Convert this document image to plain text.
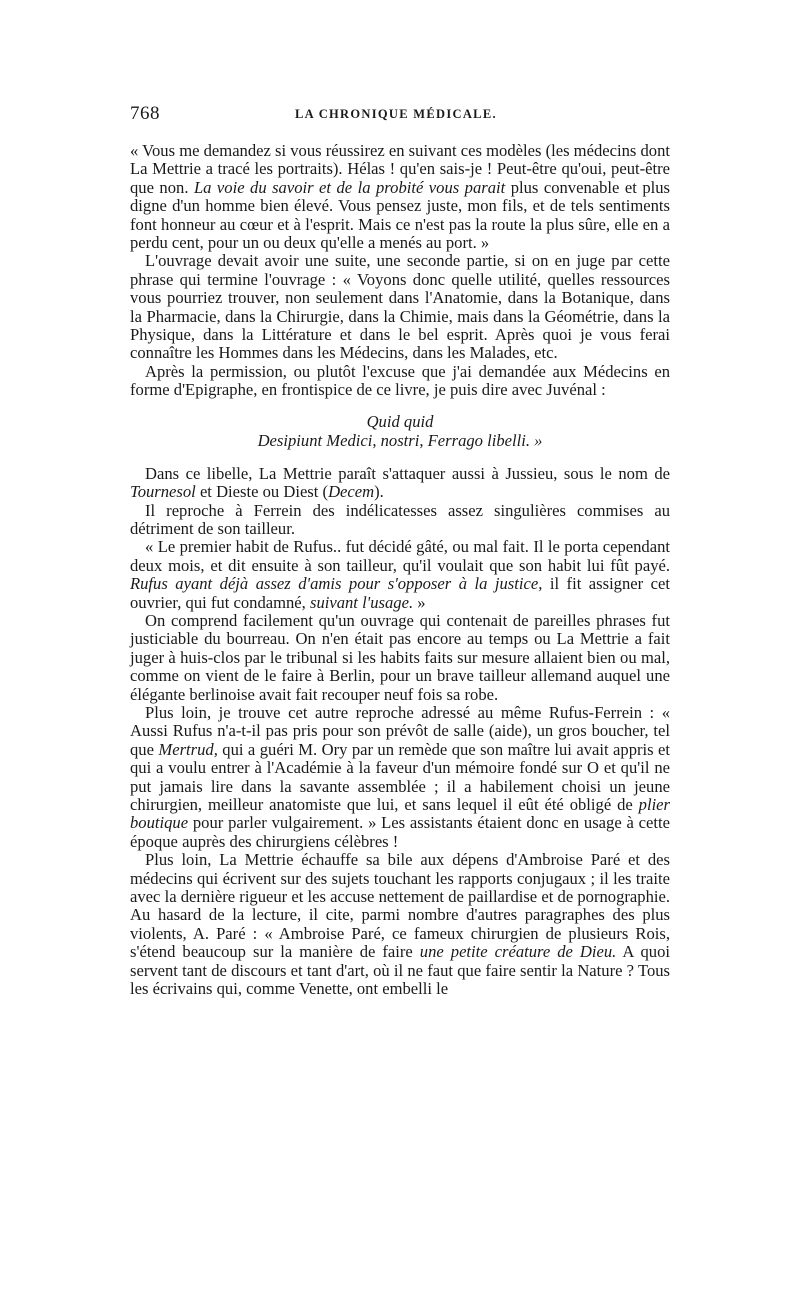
768	LA CHRONIQUE MÉDICALE.

« Vous me demandez si vous réussirez en suivant ces modèles (les médecins dont La Mettrie a tracé les portraits). Hélas ! qu'en sais-je ! Peut-être qu'oui, peut-être que non. La voie du savoir et de la probité vous parait plus convenable et plus digne d'un homme bien élevé. Vous pensez juste, mon fils, et de tels sentiments font honneur au cœur et à l'esprit. Mais ce n'est pas la route la plus sûre, elle en a perdu cent, pour un ou deux qu'elle a menés au port. »

L'ouvrage devait avoir une suite, une seconde partie, si on en juge par cette phrase qui termine l'ouvrage : « Voyons donc quelle utilité, quelles ressources vous pourriez trouver, non seulement dans l'Anatomie, dans la Botanique, dans la Pharmacie, dans la Chirurgie, dans la Chimie, mais dans la Géométrie, dans la Physique, dans la Littérature et dans le bel esprit. Après quoi je vous ferai connaître les Hommes dans les Médecins, dans les Malades, etc.

Après la permission, ou plutôt l'excuse que j'ai demandée aux Médecins en forme d'Epigraphe, en frontispice de ce livre, je puis dire avec Juvénal :

Quid quid
Desipiunt Medici, nostri, Ferrago libelli. »

Dans ce libelle, La Mettrie paraît s'attaquer aussi à Jussieu, sous le nom de Tournesol et Dieste ou Diest (Decem).

Il reproche à Ferrein des indélicatesses assez singulières commises au détriment de son tailleur.

« Le premier habit de Rufus.. fut décidé gâté, ou mal fait. Il le porta cependant deux mois, et dit ensuite à son tailleur, qu'il voulait que son habit lui fût payé. Rufus ayant déjà assez d'amis pour s'opposer à la justice, il fit assigner cet ouvrier, qui fut condamné, suivant l'usage. »

On comprend facilement qu'un ouvrage qui contenait de pareilles phrases fut justiciable du bourreau. On n'en était pas encore au temps ou La Mettrie a fait juger à huis-clos par le tribunal si les habits faits sur mesure allaient bien ou mal, comme on vient de le faire à Berlin, pour un brave tailleur allemand auquel une élégante berlinoise avait fait recouper neuf fois sa robe.

Plus loin, je trouve cet autre reproche adressé au même Rufus-Ferrein : « Aussi Rufus n'a-t-il pas pris pour son prévôt de salle (aide), un gros boucher, tel que Mertrud, qui a guéri M. Ory par un remède que son maître lui avait appris et qui a voulu entrer à l'Académie à la faveur d'un mémoire fondé sur O et qu'il ne put jamais lire dans la savante assemblée ; il a habilement choisi un jeune chirurgien, meilleur anatomiste que lui, et sans lequel il eût été obligé de plier boutique pour parler vulgairement. » Les assistants étaient donc en usage à cette époque auprès des chirurgiens célèbres !

Plus loin, La Mettrie échauffe sa bile aux dépens d'Ambroise Paré et des médecins qui écrivent sur des sujets touchant les rapports conjugaux ; il les traite avec la dernière rigueur et les accuse nettement de paillardise et de pornographie. Au hasard de la lecture, il cite, parmi nombre d'autres paragraphes des plus violents, A. Paré : « Ambroise Paré, ce fameux chirurgien de plusieurs Rois, s'étend beaucoup sur la manière de faire une petite créature de Dieu. A quoi servent tant de discours et tant d'art, où il ne faut que faire sentir la Nature ? Tous les écrivains qui, comme Venette, ont embelli le
